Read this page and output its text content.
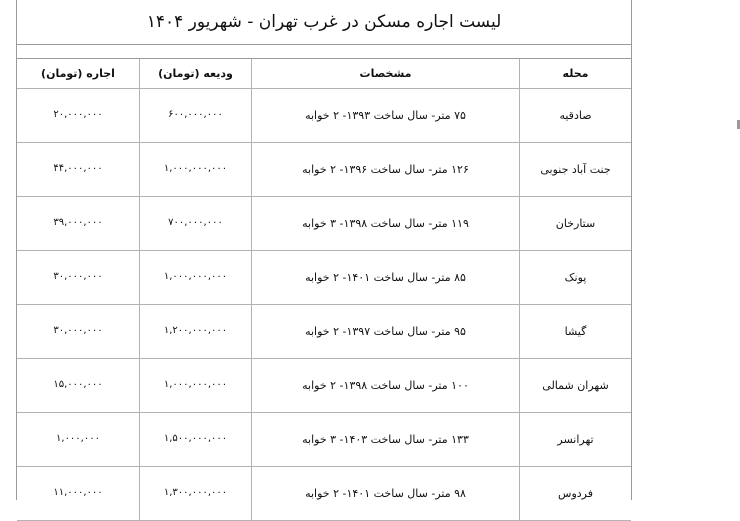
لیست اجاره مسکن در غرب تهران - شهریور ۱۴۰۴
محله
مشخصات
ودیعه (تومان)
اجاره (تومان)
صادقیه
۷۵ متر- سال ساخت ۱۳۹۳- ۲ خوابه
۶۰۰,۰۰۰,۰۰۰
۲۰,۰۰۰,۰۰۰
جنت آباد جنوبی
۱۲۶ متر- سال ساخت ۱۳۹۶- ۲ خوابه
۱,۰۰۰,۰۰۰,۰۰۰
۴۴,۰۰۰,۰۰۰
ستارخان
۱۱۹ متر- سال ساخت ۱۳۹۸- ۳ خوابه
۷۰۰,۰۰۰,۰۰۰
۳۹,۰۰۰,۰۰۰
پونک
۸۵ متر- سال ساخت ۱۴۰۱- ۲ خوابه
۱,۰۰۰,۰۰۰,۰۰۰
۳۰,۰۰۰,۰۰۰
گیشا
۹۵ متر- سال ساخت ۱۳۹۷- ۲ خوابه
۱,۲۰۰,۰۰۰,۰۰۰
۳۰,۰۰۰,۰۰۰
شهران شمالی
۱۰۰ متر- سال ساخت ۱۳۹۸- ۲ خوابه
۱,۰۰۰,۰۰۰,۰۰۰
۱۵,۰۰۰,۰۰۰
تهرانسر
۱۳۳ متر- سال ساخت ۱۴۰۳- ۳ خوابه
۱,۵۰۰,۰۰۰,۰۰۰
۱,۰۰۰,۰۰۰
فردوس
۹۸ متر- سال ساخت ۱۴۰۱- ۲ خوابه
۱,۳۰۰,۰۰۰,۰۰۰
۱۱,۰۰۰,۰۰۰
